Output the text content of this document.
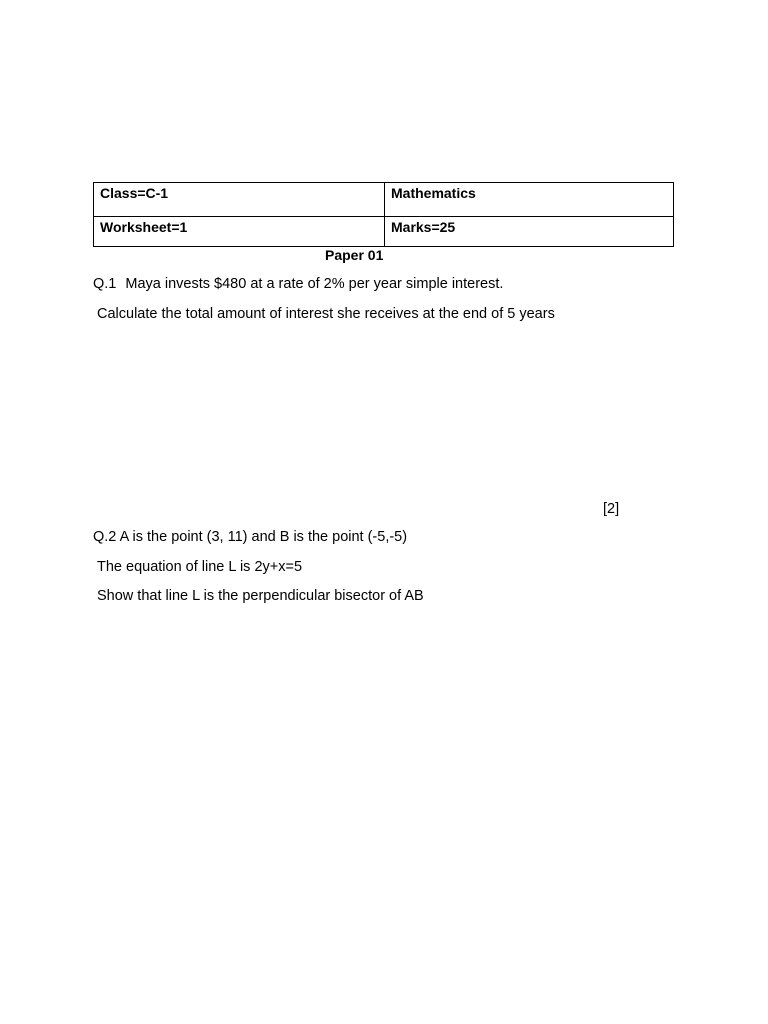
Class=C-1	Mathematics
Worksheet=1	Marks=25
Paper 01
Q.1 Maya invests $480 at a rate of 2% per year simple interest.
Calculate the total amount of interest she receives at the end of 5 years
[2]
Q.2 A is the point (3, 11) and B is the point (-5,-5)
The equation of line L is 2y+x=5
Show that line L is the perpendicular bisector of AB
